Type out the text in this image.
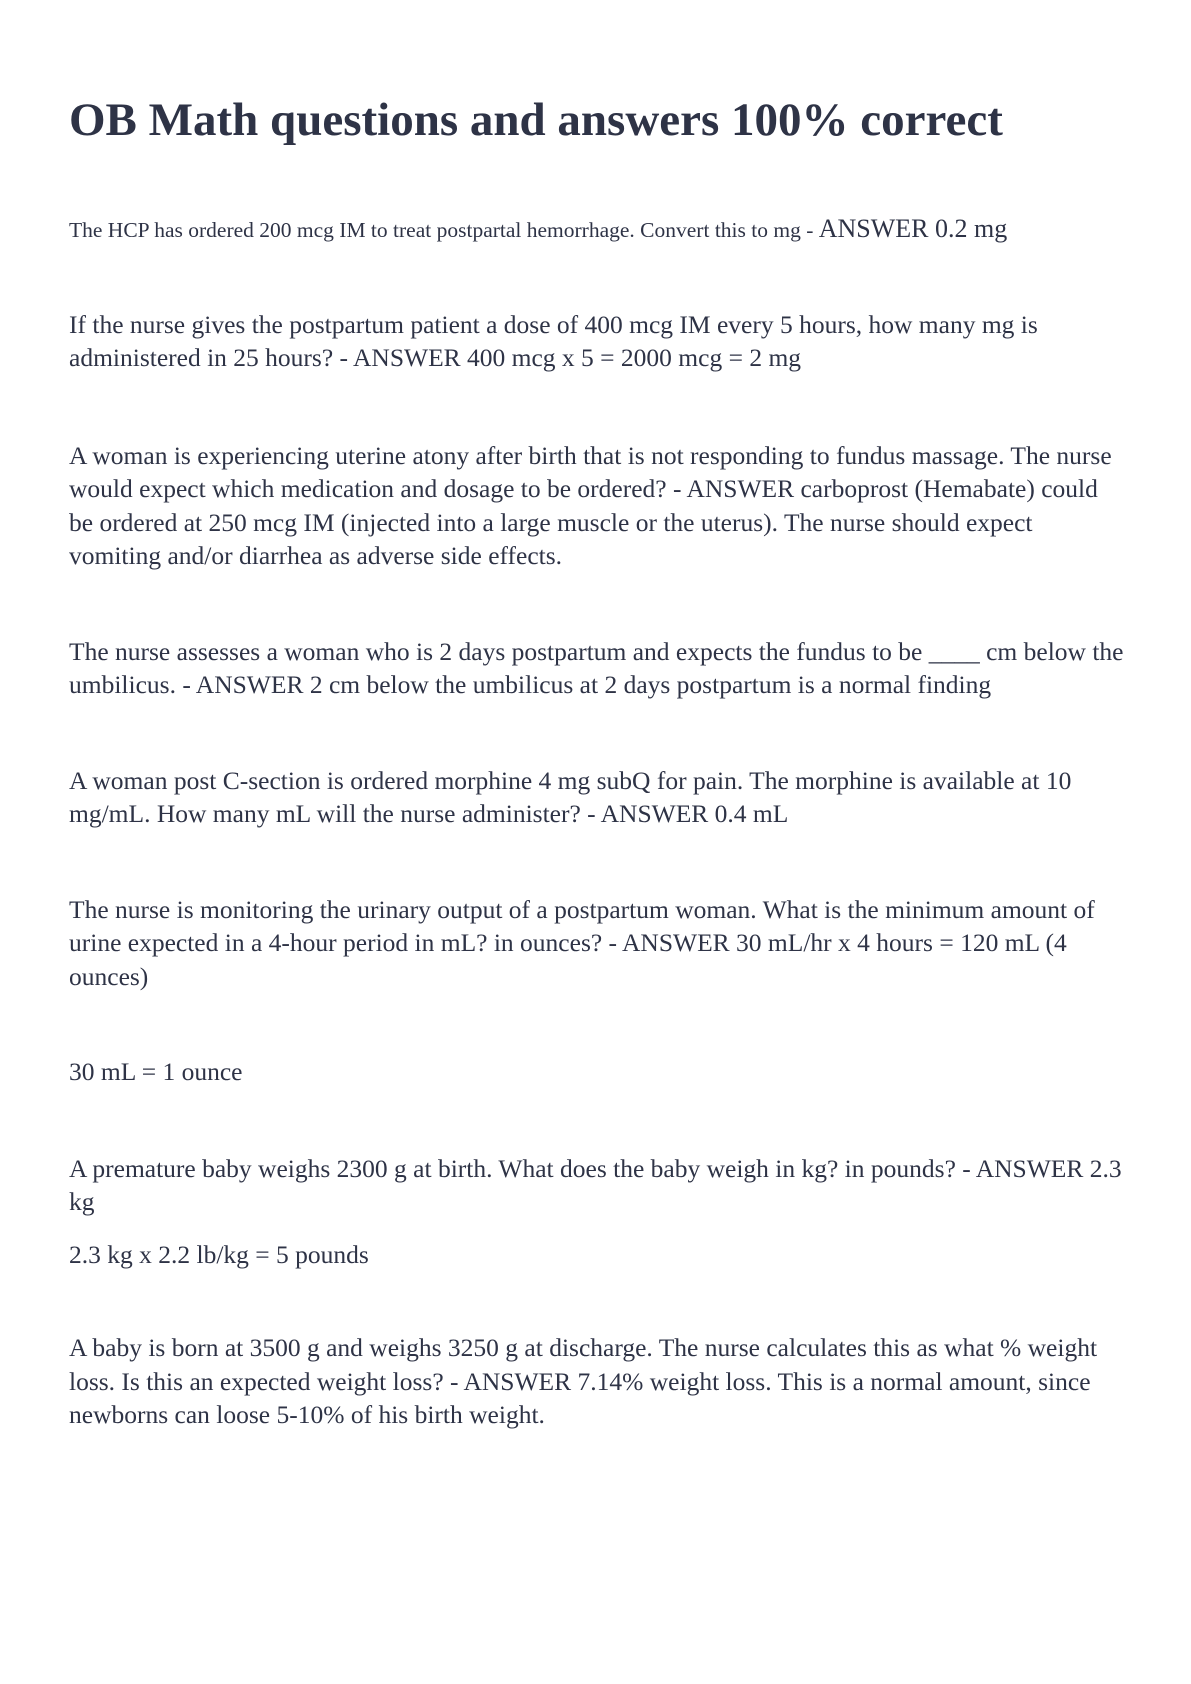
OB Math questions and answers 100% correct

The HCP has ordered 200 mcg IM to treat postpartal hemorrhage. Convert this to mg - ANSWER 0.2 mg

If the nurse gives the postpartum patient a dose of 400 mcg IM every 5 hours, how many mg is administered in 25 hours? - ANSWER 400 mcg x 5 = 2000 mcg = 2 mg

A woman is experiencing uterine atony after birth that is not responding to fundus massage. The nurse would expect which medication and dosage to be ordered? - ANSWER carboprost (Hemabate) could be ordered at 250 mcg IM (injected into a large muscle or the uterus). The nurse should expect vomiting and/or diarrhea as adverse side effects.

The nurse assesses a woman who is 2 days postpartum and expects the fundus to be ____ cm below the umbilicus. - ANSWER 2 cm below the umbilicus at 2 days postpartum is a normal finding

A woman post C-section is ordered morphine 4 mg subQ for pain. The morphine is available at 10 mg/mL. How many mL will the nurse administer? - ANSWER 0.4 mL

The nurse is monitoring the urinary output of a postpartum woman. What is the minimum amount of urine expected in a 4-hour period in mL? in ounces? - ANSWER 30 mL/hr x 4 hours = 120 mL (4 ounces)

30 mL = 1 ounce

A premature baby weighs 2300 g at birth. What does the baby weigh in kg? in pounds? - ANSWER 2.3 kg

2.3 kg x 2.2 lb/kg = 5 pounds

A baby is born at 3500 g and weighs 3250 g at discharge. The nurse calculates this as what % weight loss. Is this an expected weight loss? - ANSWER 7.14% weight loss. This is a normal amount, since newborns can loose 5-10% of his birth weight.
